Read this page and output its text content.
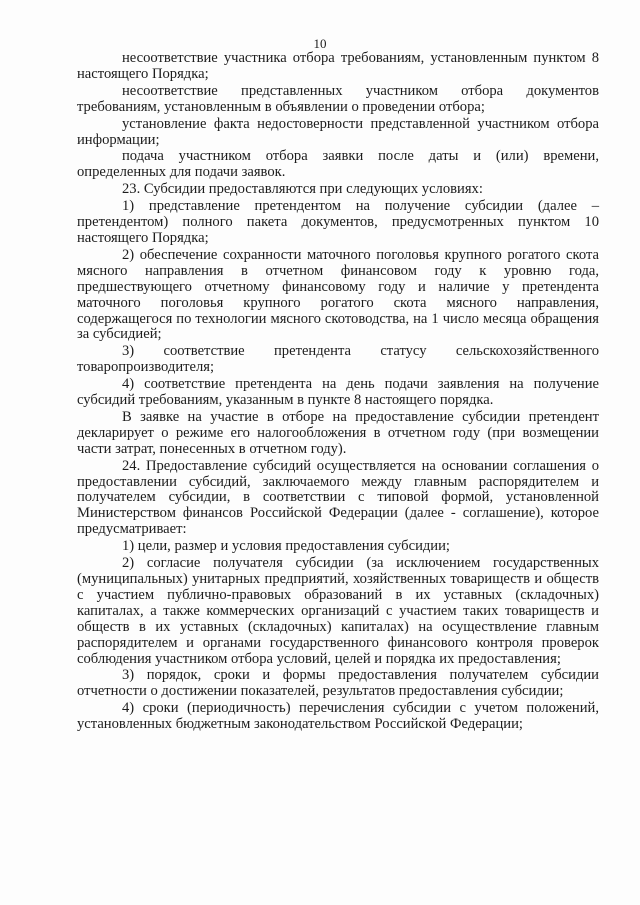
10

несоответствие участника отбора требованиям, установленным пунктом 8 настоящего Порядка;

несоответствие представленных участником отбора документов требованиям, установленным в объявлении о проведении отбора;

установление факта недостоверности представленной участником отбора информации;

подача участником отбора заявки после даты и (или) времени, определенных для подачи заявок.

23. Субсидии предоставляются при следующих условиях:

1) представление претендентом на получение субсидии (далее – претендентом) полного пакета документов, предусмотренных пунктом 10 настоящего Порядка;

2) обеспечение сохранности маточного поголовья крупного рогатого скота мясного направления в отчетном финансовом году к уровню года, предшествующего отчетному финансовому году и наличие у претендента маточного поголовья крупного рогатого скота мясного направления, содержащегося по технологии мясного скотоводства, на 1 число месяца обращения за субсидией;

3) соответствие претендента статусу сельскохозяйственного товаропроизводителя;

4) соответствие претендента на день подачи заявления на получение субсидий требованиям, указанным в пункте 8 настоящего порядка.

В заявке на участие в отборе на предоставление субсидии претендент декларирует о режиме его налогообложения в отчетном году (при возмещении части затрат, понесенных в отчетном году).

24. Предоставление субсидий осуществляется на основании соглашения о предоставлении субсидий, заключаемого между главным распорядителем и получателем субсидии, в соответствии с типовой формой, установленной Министерством финансов Российской Федерации (далее - соглашение), которое предусматривает:

1) цели, размер и условия предоставления субсидии;

2) согласие получателя субсидии (за исключением государственных (муниципальных) унитарных предприятий, хозяйственных товариществ и обществ с участием публично-правовых образований в их уставных (складочных) капиталах, а также коммерческих организаций с участием таких товариществ и обществ в их уставных (складочных) капиталах) на осуществление главным распорядителем и органами государственного финансового контроля проверок соблюдения участником отбора условий, целей и порядка их предоставления;

3) порядок, сроки и формы предоставления получателем субсидии отчетности о достижении показателей, результатов предоставления субсидии;

4) сроки (периодичность) перечисления субсидии с учетом положений, установленных бюджетным законодательством Российской Федерации;
